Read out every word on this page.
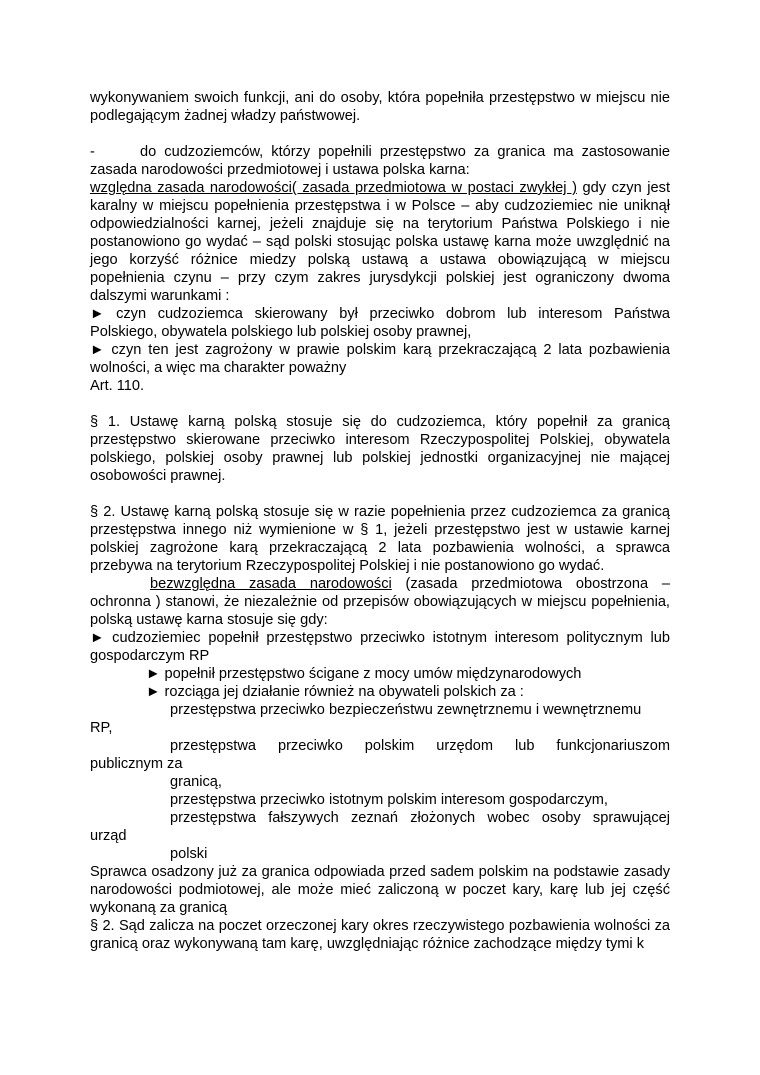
wykonywaniem swoich funkcji, ani do osoby, która popełniła przestępstwo w miejscu nie podlegającym żadnej władzy państwowej.

-	do cudzoziemców, którzy popełnili przestępstwo za granica ma zastosowanie zasada narodowości przedmiotowej i ustawa polska karna:

względna zasada narodowości( zasada przedmiotowa w postaci zwykłej ) gdy czyn jest karalny w miejscu popełnienia przestępstwa i w Polsce – aby cudzoziemiec nie uniknął odpowiedzialności karnej, jeżeli znajduje się na terytorium Państwa Polskiego i nie postanowiono go wydać – sąd polski stosując polska ustawę karna może uwzględnić na jego korzyść różnice miedzy polską ustawą a ustawa obowiązującą w miejscu popełnienia czynu – przy czym zakres jurysdykcji polskiej jest ograniczony dwoma dalszymi warunkami :

► czyn cudzoziemca skierowany był przeciwko dobrom lub interesom Państwa Polskiego, obywatela polskiego lub polskiej osoby prawnej,

► czyn ten jest zagrożony w prawie polskim karą przekraczającą 2 lata pozbawienia wolności, a więc ma charakter poważny

Art. 110.

§ 1. Ustawę karną polską stosuje się do cudzoziemca, który popełnił za granicą przestępstwo skierowane przeciwko interesom Rzeczypospolitej Polskiej, obywatela polskiego, polskiej osoby prawnej lub polskiej jednostki organizacyjnej nie mającej osobowości prawnej.

§ 2. Ustawę karną polską stosuje się w razie popełnienia przez cudzoziemca za granicą przestępstwa innego niż wymienione w § 1, jeżeli przestępstwo jest w ustawie karnej polskiej zagrożone karą przekraczającą 2 lata pozbawienia wolności, a sprawca przebywa na terytorium Rzeczypospolitej Polskiej i nie postanowiono go wydać.

bezwzględna zasada narodowości (zasada przedmiotowa obostrzona – ochronna ) stanowi, że niezależnie od przepisów obowiązujących w miejscu popełnienia, polską ustawę karna stosuje się gdy:

► cudzoziemiec popełnił przestępstwo przeciwko istotnym interesom politycznym lub gospodarczym RP

► popełnił przestępstwo ścigane z mocy umów międzynarodowych

► rozciąga jej działanie również na obywateli polskich za :

przestępstwa przeciwko bezpieczeństwu zewnętrznemu i wewnętrznemu

RP,

przestępstwa przeciwko polskim urzędom lub funkcjonariuszom

publicznym za

granicą,

przestępstwa przeciwko istotnym polskim interesom gospodarczym,

przestępstwa fałszywych zeznań złożonych wobec osoby sprawującej

urząd

polski

Sprawca osadzony już za granica odpowiada przed sadem polskim na podstawie zasady narodowości podmiotowej, ale może mieć zaliczoną w poczet kary, karę lub jej część wykonaną za granicą

§ 2. Sąd zalicza na poczet orzeczonej kary okres rzeczywistego pozbawienia wolności za granicą oraz wykonywaną tam karę, uwzględniając różnice zachodzące między tymi k
